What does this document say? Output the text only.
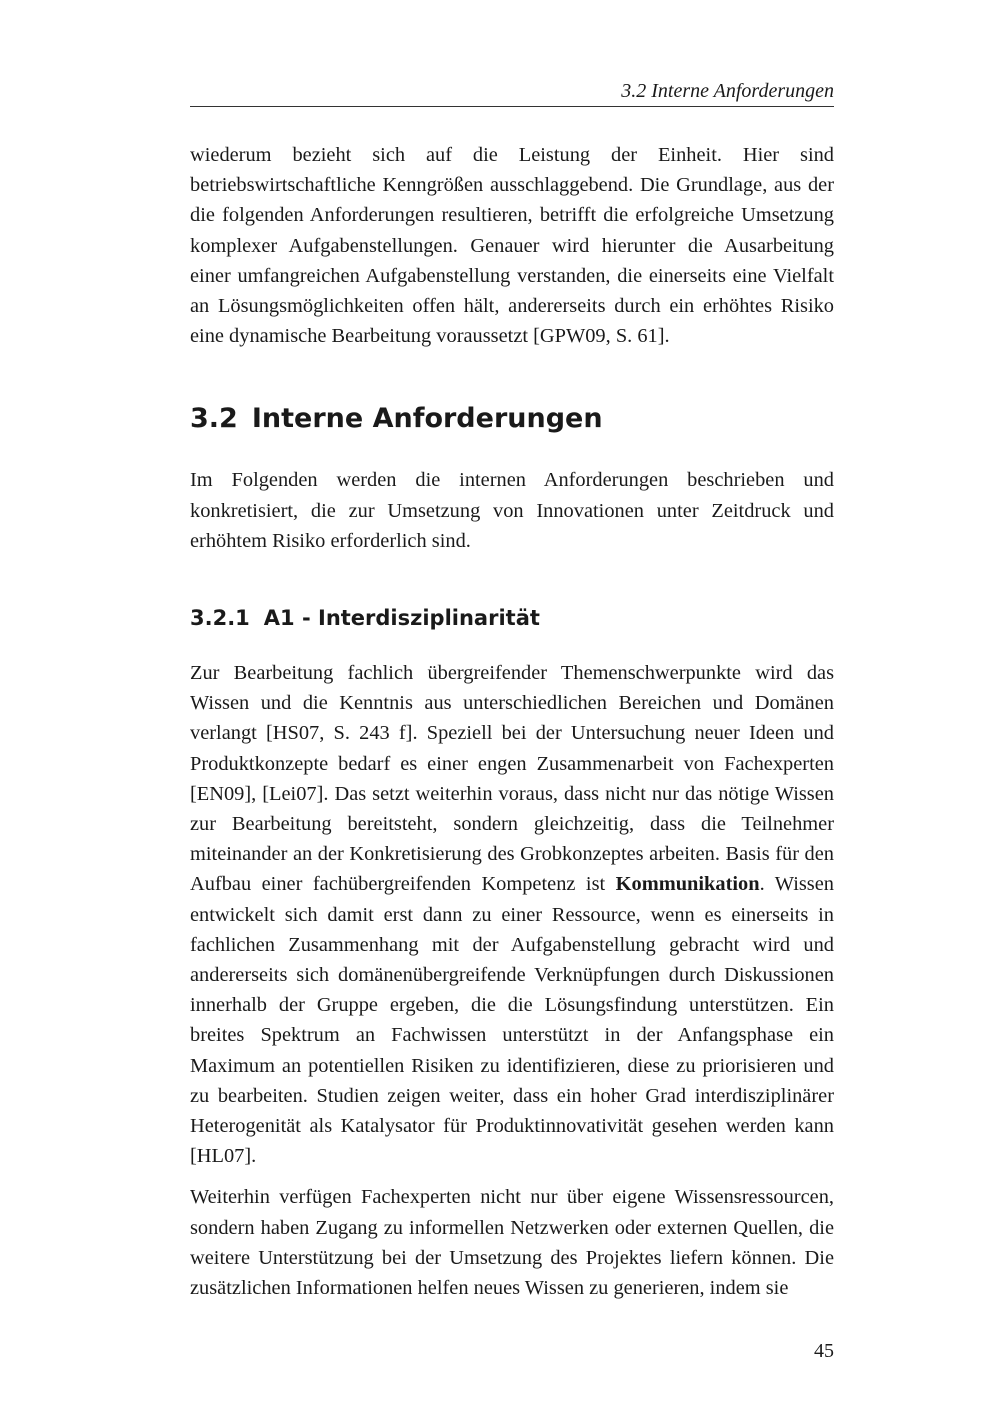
3.2 Interne Anforderungen

wiederum bezieht sich auf die Leistung der Einheit. Hier sind betriebswirtschaftliche Kenngrößen ausschlaggebend. Die Grundlage, aus der die folgenden Anforderungen resultieren, betrifft die erfolgreiche Umsetzung komplexer Aufgabenstellungen. Genauer wird hierunter die Ausarbeitung einer umfangreichen Aufgabenstellung verstanden, die einerseits eine Vielfalt an Lösungsmöglichkeiten offen hält, andererseits durch ein erhöhtes Risiko eine dynamische Bearbeitung voraussetzt [GPW09, S. 61].

3.2 Interne Anforderungen

Im Folgenden werden die internen Anforderungen beschrieben und konkretisiert, die zur Umsetzung von Innovationen unter Zeitdruck und erhöhtem Risiko erforderlich sind.

3.2.1 A1 - Interdisziplinarität

Zur Bearbeitung fachlich übergreifender Themenschwerpunkte wird das Wissen und die Kenntnis aus unterschiedlichen Bereichen und Domänen verlangt [HS07, S. 243 f]. Speziell bei der Untersuchung neuer Ideen und Produktkonzepte bedarf es einer engen Zusammenarbeit von Fachexperten [EN09], [Lei07]. Das setzt weiterhin voraus, dass nicht nur das nötige Wissen zur Bearbeitung bereitsteht, sondern gleichzeitig, dass die Teilnehmer miteinander an der Konkretisierung des Grobkonzeptes arbeiten. Basis für den Aufbau einer fachübergreifenden Kompetenz ist Kommunikation. Wissen entwickelt sich damit erst dann zu einer Ressource, wenn es einerseits in fachlichen Zusammenhang mit der Aufgabenstellung gebracht wird und andererseits sich domänenübergreifende Verknüpfungen durch Diskussionen innerhalb der Gruppe ergeben, die die Lösungsfindung unterstützen. Ein breites Spektrum an Fachwissen unterstützt in der Anfangsphase ein Maximum an potentiellen Risiken zu identifizieren, diese zu priorisieren und zu bearbeiten. Studien zeigen weiter, dass ein hoher Grad interdisziplinärer Heterogenität als Katalysator für Produktinnovativität gesehen werden kann [HL07].

Weiterhin verfügen Fachexperten nicht nur über eigene Wissensressourcen, sondern haben Zugang zu informellen Netzwerken oder externen Quellen, die weitere Unterstützung bei der Umsetzung des Projektes liefern können. Die zusätzlichen Informationen helfen neues Wissen zu generieren, indem sie

45
